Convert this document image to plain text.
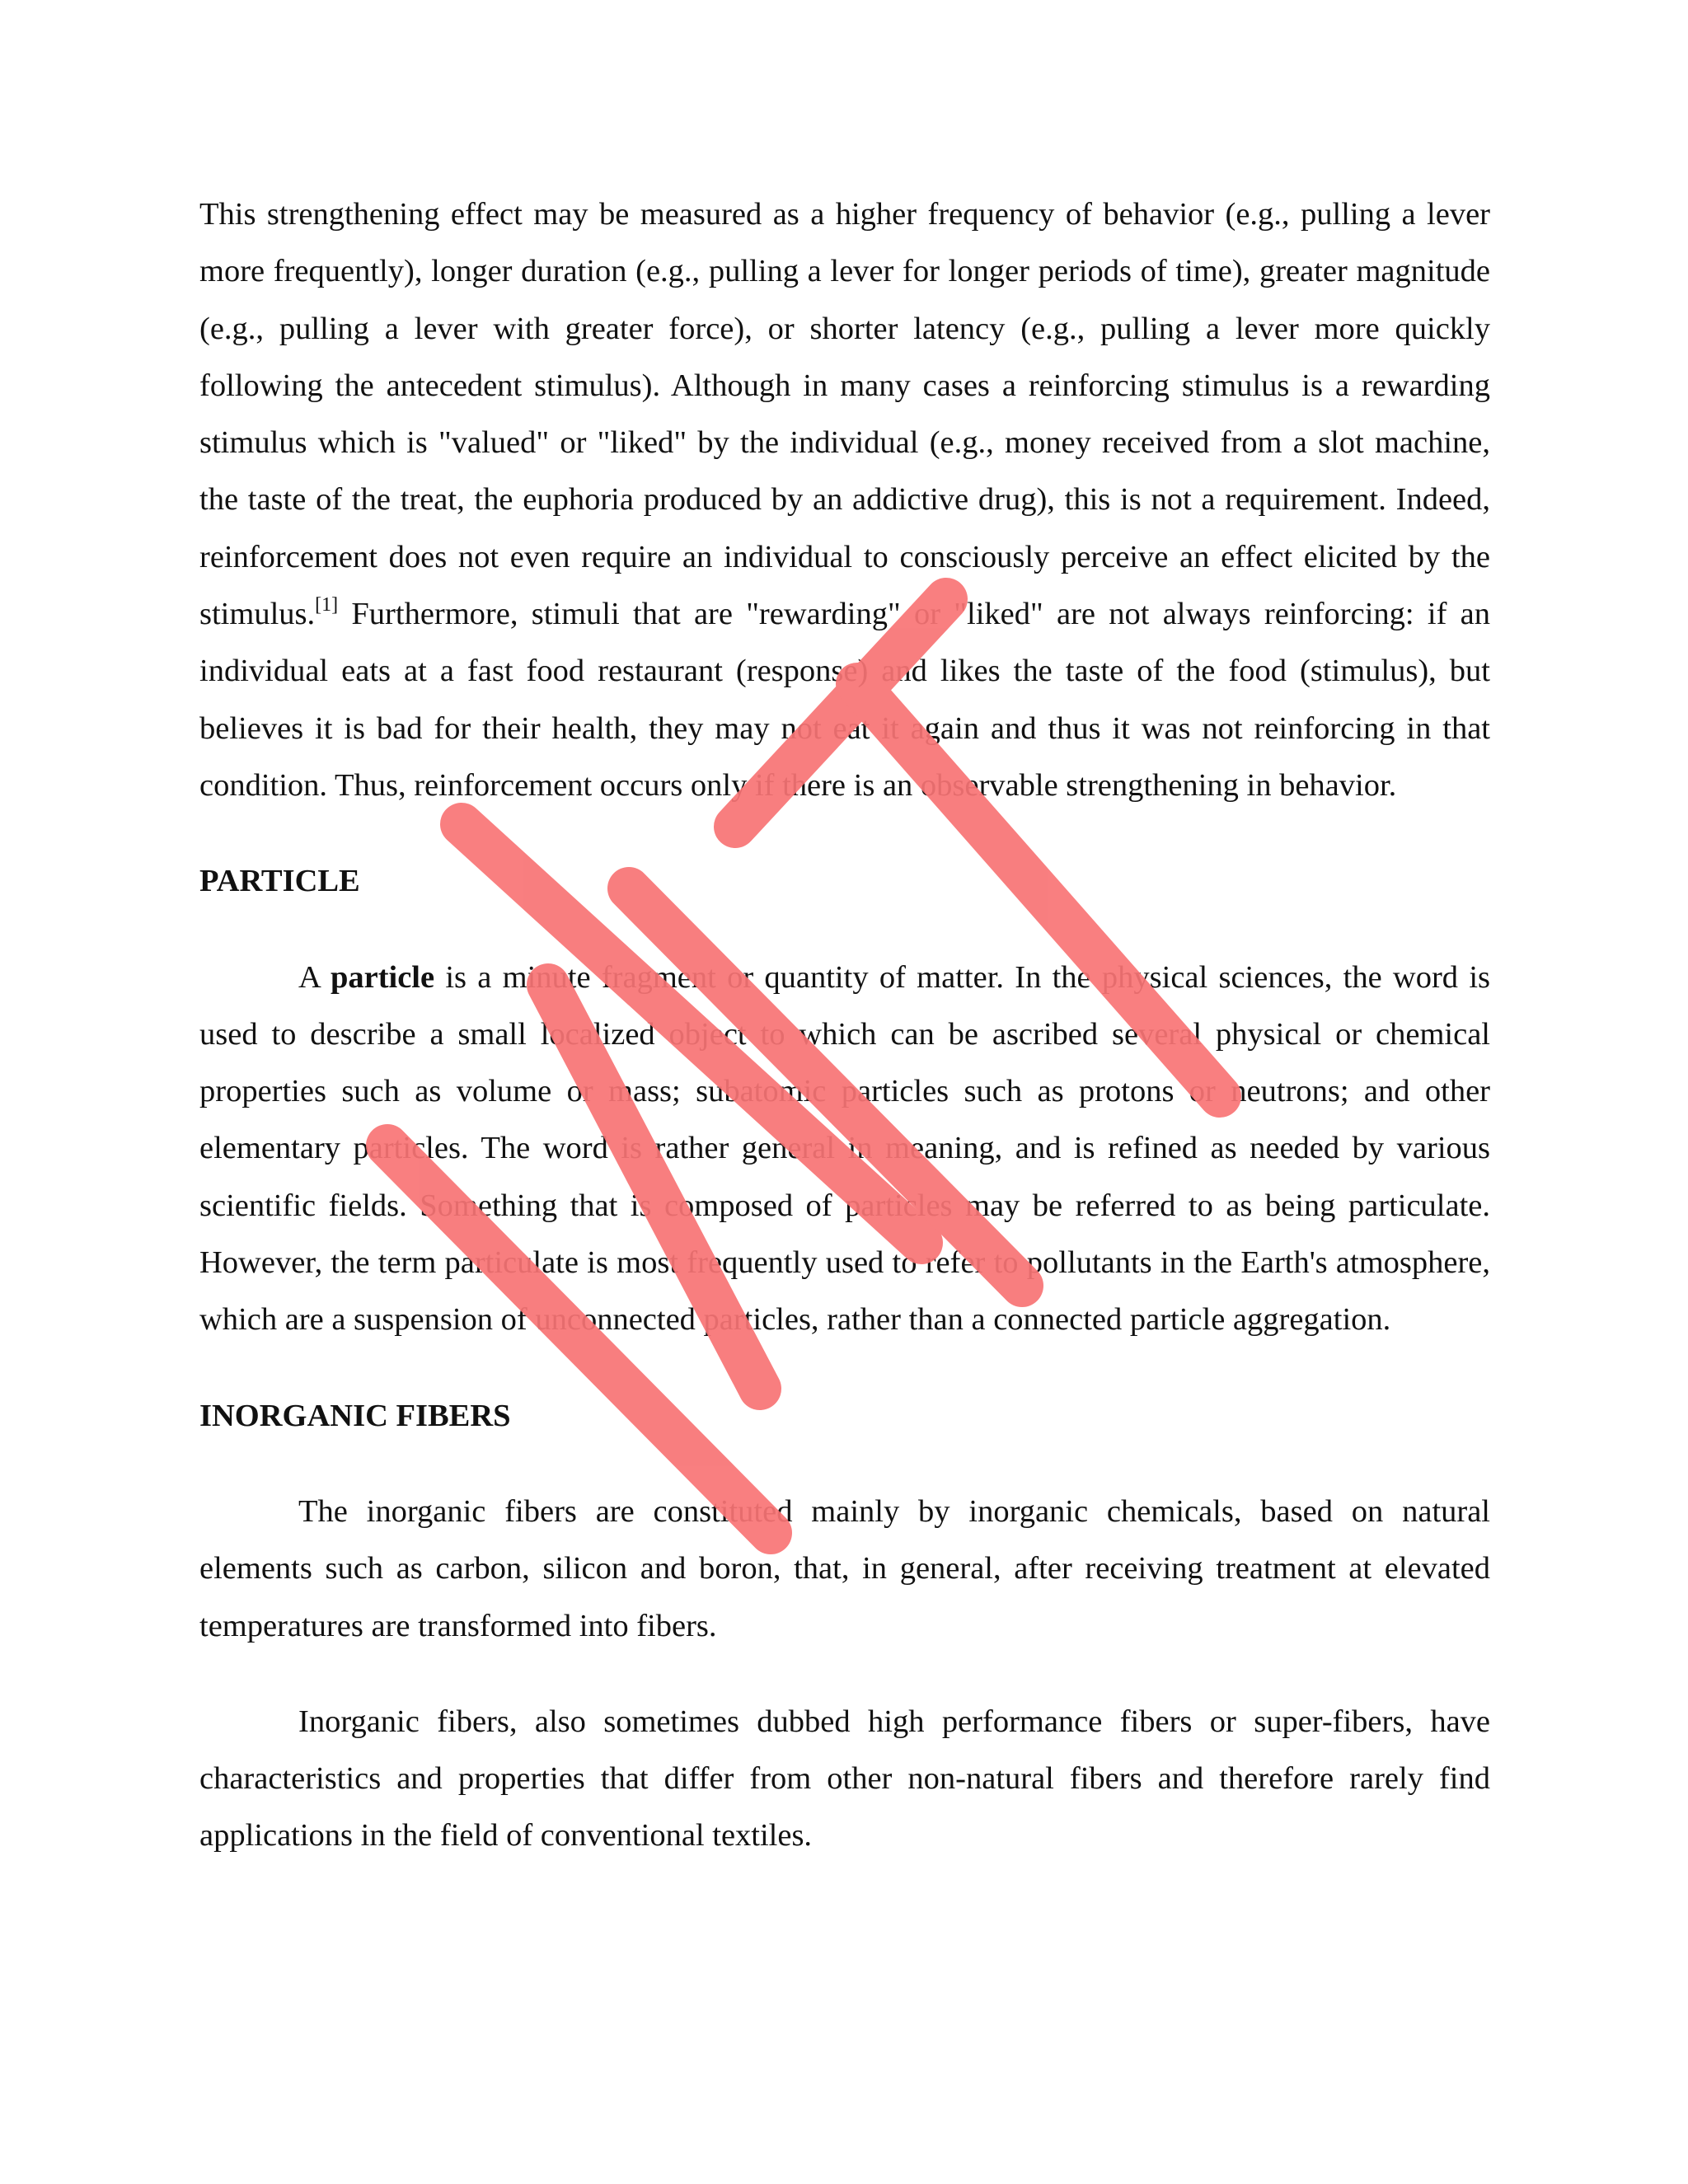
This strengthening effect may be measured as a higher frequency of behavior (e.g., pulling a lever more frequently), longer duration (e.g., pulling a lever for longer periods of time), greater magnitude (e.g., pulling a lever with greater force), or shorter latency (e.g., pulling a lever more quickly following the antecedent stimulus). Although in many cases a reinforcing stimulus is a rewarding stimulus which is "valued" or "liked" by the individual (e.g., money received from a slot machine, the taste of the treat, the euphoria produced by an addictive drug), this is not a requirement. Indeed, reinforcement does not even require an individual to consciously perceive an effect elicited by the stimulus.[1] Furthermore, stimuli that are "rewarding" or "liked" are not always reinforcing: if an individual eats at a fast food restaurant (response) and likes the taste of the food (stimulus), but believes it is bad for their health, they may not eat it again and thus it was not reinforcing in that condition. Thus, reinforcement occurs only if there is an observable strengthening in behavior.

PARTICLE

A particle is a minute fragment or quantity of matter. In the physical sciences, the word is used to describe a small localized object to which can be ascribed several physical or chemical properties such as volume or mass; subatomic particles such as protons or neutrons; and other elementary particles. The word is rather general in meaning, and is refined as needed by various scientific fields. Something that is composed of particles may be referred to as being particulate. However, the term particulate is most frequently used to refer to pollutants in the Earth's atmosphere, which are a suspension of unconnected particles, rather than a connected particle aggregation.

INORGANIC FIBERS

The inorganic fibers are constituted mainly by inorganic chemicals, based on natural elements such as carbon, silicon and boron, that, in general, after receiving treatment at elevated temperatures are transformed into fibers.

Inorganic fibers, also sometimes dubbed high performance fibers or super-fibers, have characteristics and properties that differ from other non-natural fibers and therefore rarely find applications in the field of conventional textiles.
